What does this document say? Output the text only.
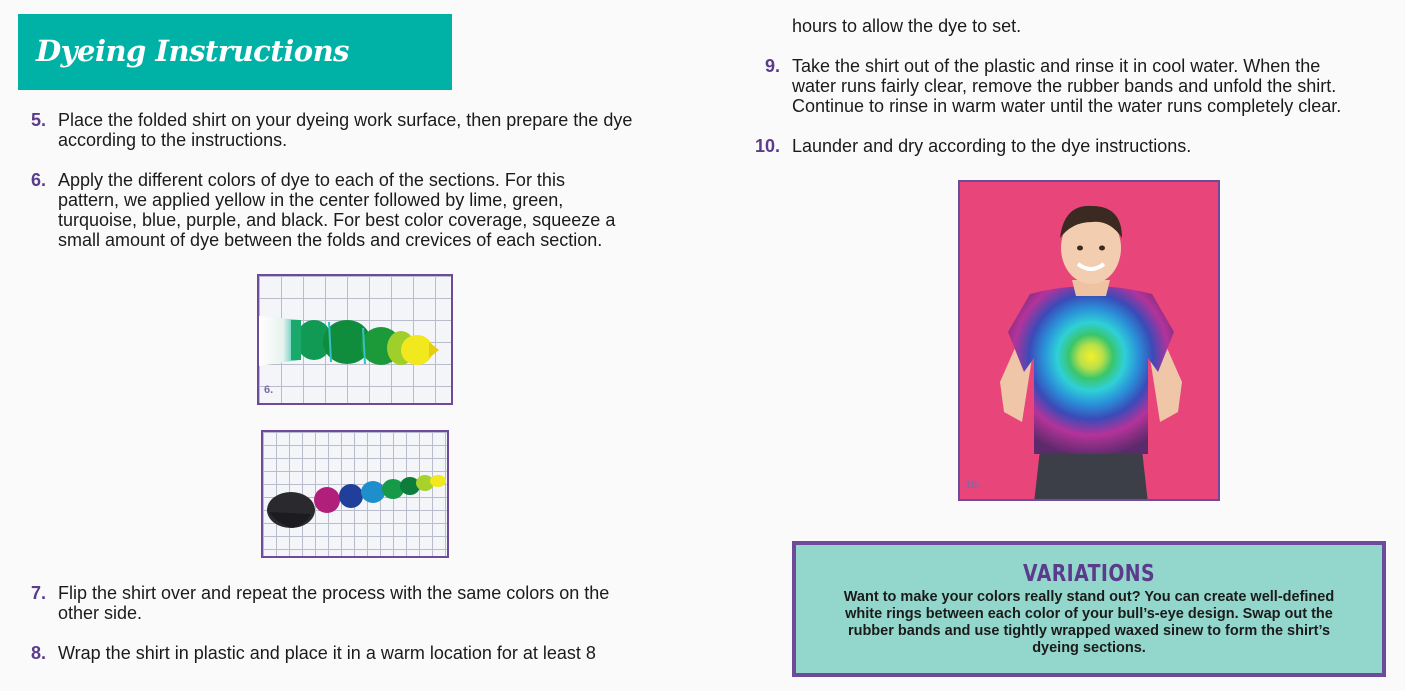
Dyeing Instructions
5. Place the folded shirt on your dyeing work surface, then prepare the dye
according to the instructions.
6. Apply the different colors of dye to each of the sections. For this
pattern, we applied yellow in the center followed by lime, green,
turquoise, blue, purple, and black. For best color coverage, squeeze a
small amount of dye between the folds and crevices of each section.
6.
7. Flip the shirt over and repeat the process with the same colors on the
other side.
8. Wrap the shirt in plastic and place it in a warm location for at least 8
hours to allow the dye to set.
9. Take the shirt out of the plastic and rinse it in cool water. When the
water runs fairly clear, remove the rubber bands and unfold the shirt.
Continue to rinse in warm water until the water runs completely clear.
10. Launder and dry according to the dye instructions.
10.
VARIATIONS
Want to make your colors really stand out? You can create well-defined
white rings between each color of your bull’s-eye design. Swap out the
rubber bands and use tightly wrapped waxed sinew to form the shirt’s
dyeing sections.
